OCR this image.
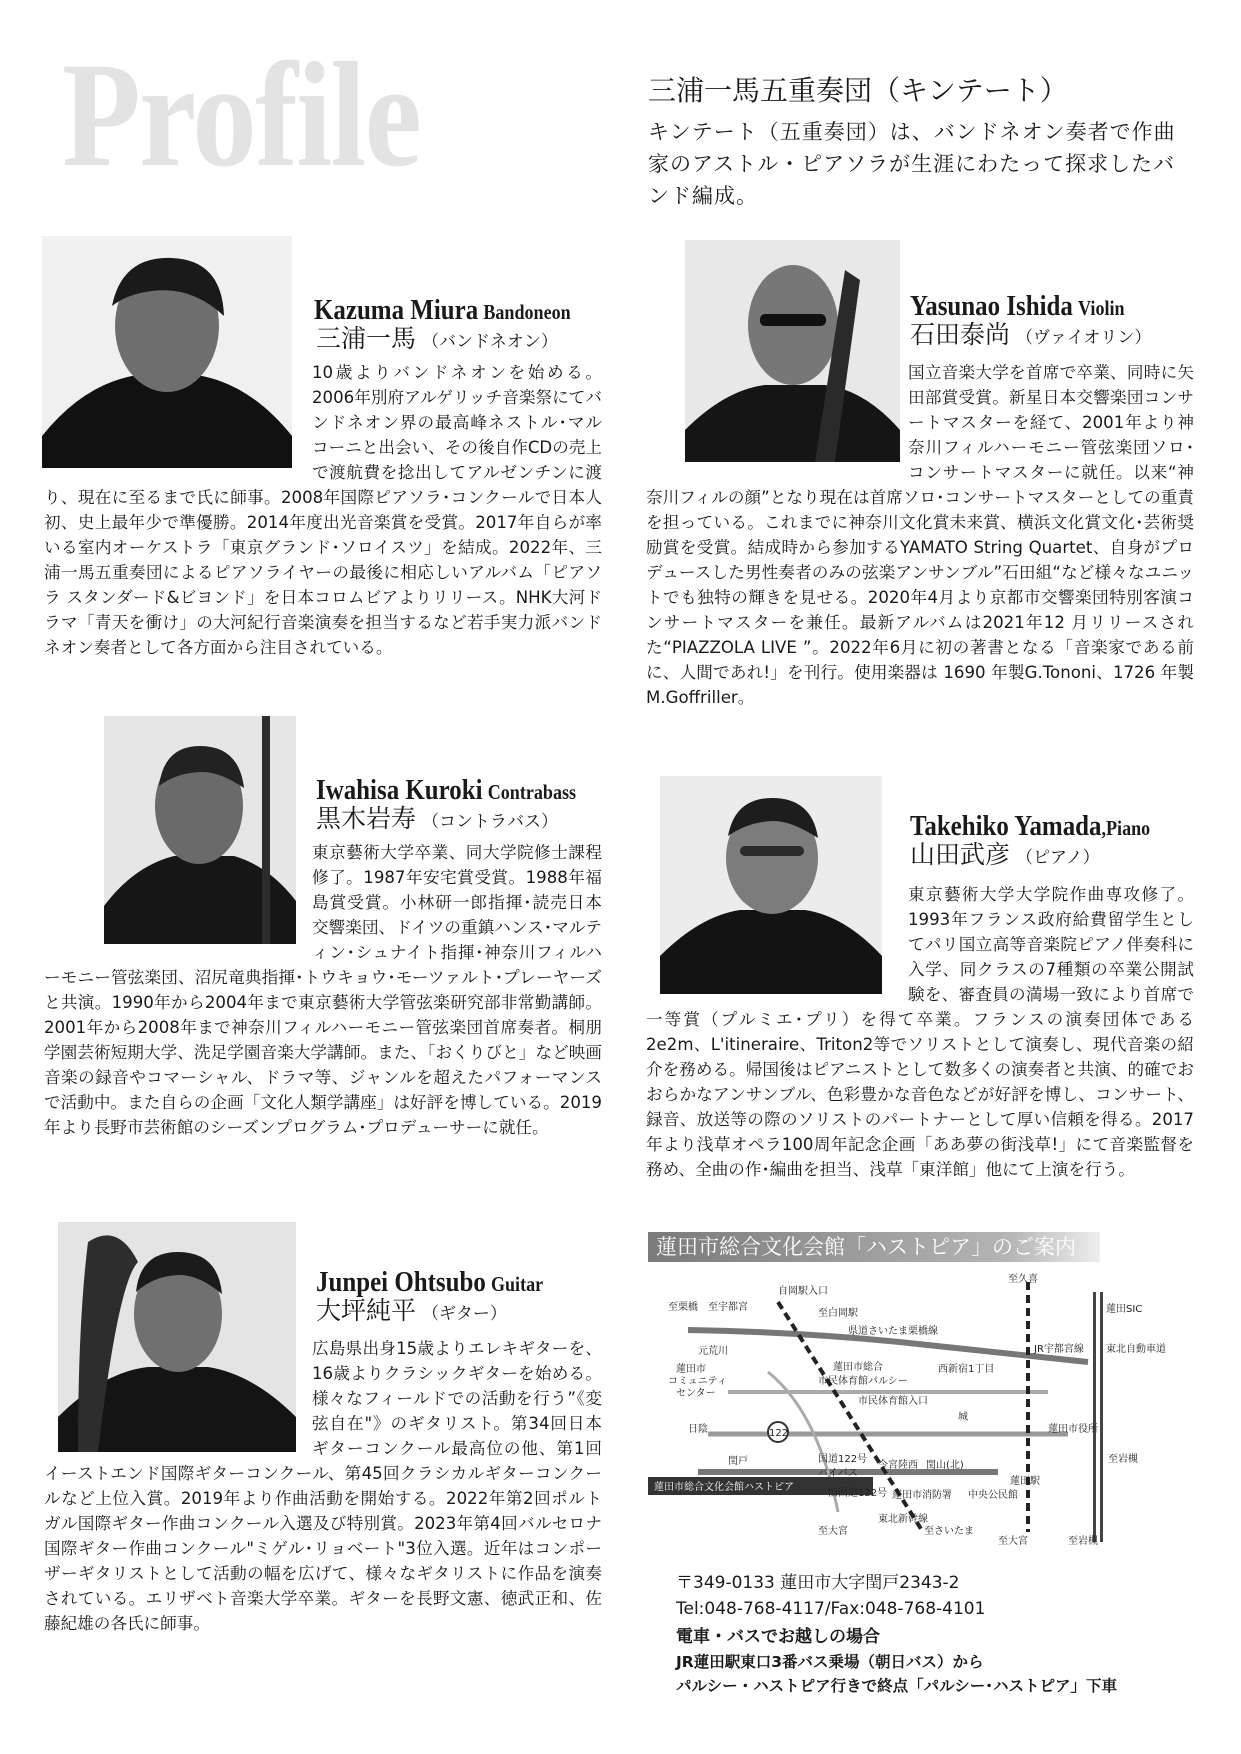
Profile	三浦一馬五重奏団（キンテート）
キンテート（五重奏団）は、バンドネオン奏者で作曲家のアストル・ピアソラが生涯にわたって探求したバンド編成。
Kazuma Miura Bandoneon
三浦一馬 （バンドネオン）

10歳よりバンドネオンを始める。2006年別府アルゲリッチ音楽祭にてバンドネオン界の最高峰ネストル･マルコーニと出会い、その後自作CDの売上で渡航費を捻出してアルゼンチンに渡り、現在に至るまで氏に師事。2008年国際ピアソラ･コンクールで日本人初、史上最年少で準優勝。2014年度出光音楽賞を受賞。2017年自らが率いる室内オーケストラ「東京グランド･ソロイスツ」を結成。2022年、三浦一馬五重奏団によるピアソライヤーの最後に相応しいアルバム「ピアソラ スタンダード&ビヨンド」を日本コロムビアよりリリース。NHK大河ドラマ「青天を衝け」の大河紀行音楽演奏を担当するなど若手実力派バンドネオン奏者として各方面から注目されている。

Yasunao Ishida Violin
石田泰尚 （ヴァイオリン）

国立音楽大学を首席で卒業、同時に矢田部賞受賞。新星日本交響楽団コンサートマスターを経て、2001年より神奈川フィルハーモニー管弦楽団ソロ･コンサートマスターに就任。以来“神奈川フィルの顔”となり現在は首席ソロ･コンサートマスターとしての重責を担っている。これまでに神奈川文化賞未来賞、横浜文化賞文化･芸術奨励賞を受賞。結成時から参加するYAMATO String Quartet、自身がプロデュースした男性奏者のみの弦楽アンサンブル”石田組“など様々なユニットでも独特の輝きを見せる。2020年4月より京都市交響楽団特別客演コンサートマスターを兼任。最新アルバムは2021年12 月リリースされた“PIAZZOLA LIVE ”。2022年6月に初の著書となる「音楽家である前に、人間であれ!」を刊行。使用楽器は 1690 年製G.Tononi、1726 年製 M.Goffriller。

Iwahisa Kuroki Contrabass
黒木岩寿 （コントラバス）

東京藝術大学卒業、同大学院修士課程修了。1987年安宅賞受賞。1988年福島賞受賞。小林研一郎指揮･読売日本交響楽団、ドイツの重鎮ハンス･マルティン･シュナイト指揮･神奈川フィルハーモニー管弦楽団、沼尻竜典指揮･トウキョウ･モーツァルト･プレーヤーズと共演。1990年から2004年まで東京藝術大学管弦楽研究部非常勤講師。2001年から2008年まで神奈川フィルハーモニー管弦楽団首席奏者。桐朋学園芸術短期大学、洗足学園音楽大学講師。また、「おくりびと」など映画音楽の録音やコマーシャル、ドラマ等、ジャンルを超えたパフォーマンスで活動中。また自らの企画「文化人類学講座」は好評を博している。2019年より長野市芸術館のシーズンプログラム･プロデューサーに就任。

Takehiko Yamada,Piano
山田武彦 （ピアノ）

東京藝術大学大学院作曲専攻修了。1993年フランス政府給費留学生としてパリ国立高等音楽院ピアノ伴奏科に入学、同クラスの7種類の卒業公開試験を、審査員の満場一致により首席で一等賞（プルミエ･プリ）を得て卒業。フランスの演奏団体である2e2m、L'itineraire、Triton2等でソリストとして演奏し、現代音楽の紹介を務める。帰国後はピアニストとして数多くの演奏者と共演、的確でおおらかなアンサンブル、色彩豊かな音色などが好評を博し、コンサート、録音、放送等の際のソリストのパートナーとして厚い信頼を得る。2017年より浅草オペラ100周年記念企画「ああ夢の街浅草!」にて音楽監督を務め、全曲の作･編曲を担当、浅草「東洋館」他にて上演を行う。

Junpei Ohtsubo Guitar
大坪純平 （ギター）

広島県出身15歳よりエレキギターを、16歳よりクラシックギターを始める。様々なフィールドでの活動を行う”《変弦自在"》のギタリスト。第34回日本ギターコンクール最高位の他、第1回イーストエンド国際ギターコンクール、第45回クラシカルギターコンクールなど上位入賞。2019年より作曲活動を開始する。2022年第2回ポルトガル国際ギター作曲コンクール入選及び特別賞。2023年第4回バルセロナ国際ギター作曲コンクール"ミゲル･リョベート"3位入選。近年はコンポーザーギタリストとして活動の幅を広げて、様々なギタリストに作品を演奏されている。エリザベト音楽大学卒業。ギターを長野文憲、徳武正和、佐藤紀雄の各氏に師事。

蓮田市総合文化会館「ハストピア」のご案内
蓮田市総合文化会館ハストピア
至久喜
至栗橋 至宇都宮
自岡駅入口
至白岡駅
県道さいたま栗橋線
元荒川
蓮田市総合
市民体育館パルシー
西新宿1丁目
蓮田市
コミュニティ
センター
市民体育館入口
JR宇都宮線
蓮田SIC
東北自動車道
蓮田市役所
城
日陰
至岩槻
閏戸	国道122号
バイパス
今宮陸西 閏山(北)
旧国道122号
東北新幹線
蓮田市消防署 中央公民館
蓮田駅
至さいたま
至大宮
至大宮	至岩槻
122
〒349-0133 蓮田市大字閏戸2343-2
Tel:048-768-4117/Fax:048-768-4101
電車・バスでお越しの場合
JR蓮田駅東口3番バス乗場（朝日バス）から
パルシー・ハストピア行きで終点「パルシー･ハストピア」下車
